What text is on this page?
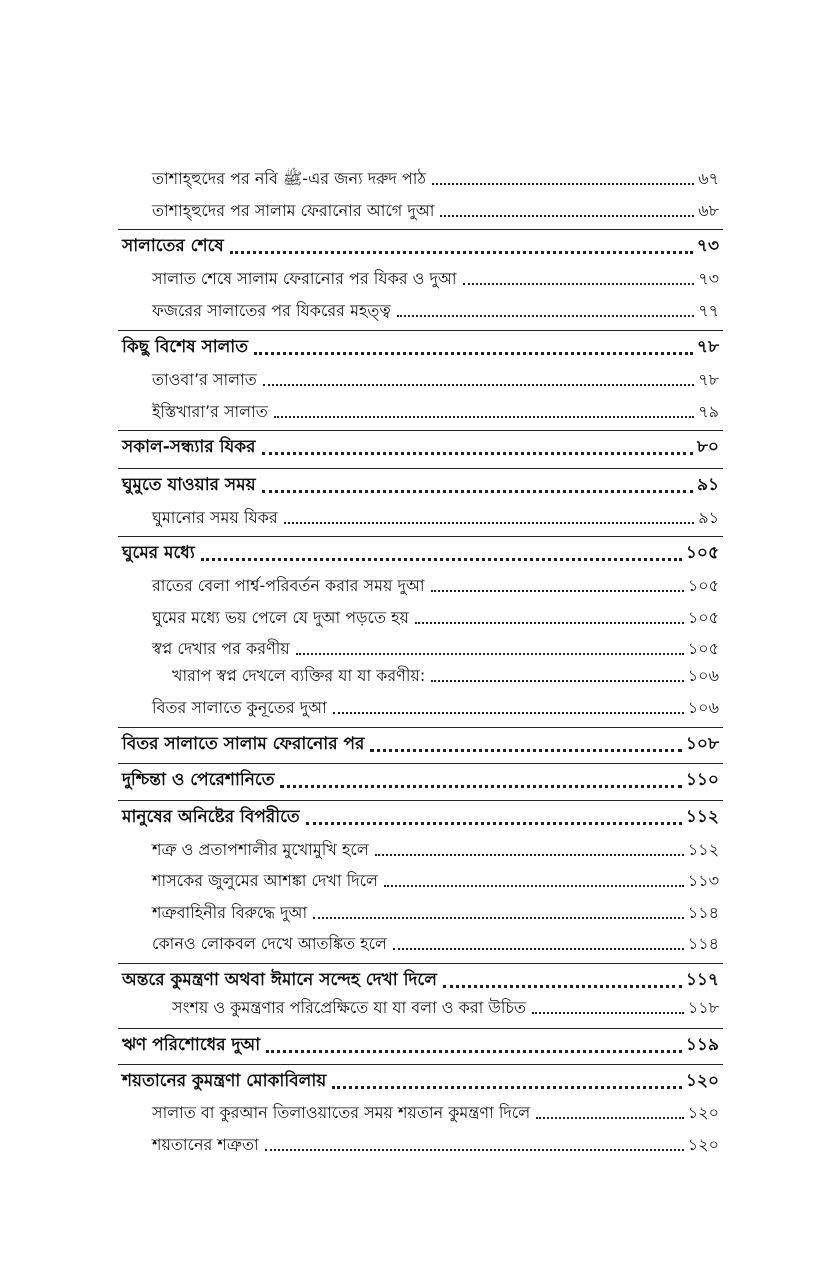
তাশাহ্হুদের পর নবি ﷺ-এর জন্য দরুদ পাঠ	৬৭
তাশাহ্হুদের পর সালাম ফেরানোর আগে দুআ	৬৮
সালাতের শেষে	৭৩
সালাত শেষে সালাম ফেরানোর পর যিকর ও দুআ	৭৩
ফজরের সালাতের পর যিকরের মহত্ত্ব	৭৭
কিছু বিশেষ সালাত	৭৮
তাওবা’র সালাত	৭৮
ইস্তিখারা’র সালাত	৭৯
সকাল-সন্ধ্যার যিকর	৮০
ঘুমুতে যাওয়ার সময়	৯১
ঘুমানোর সময় যিকর	৯১
ঘুমের মধ্যে	১০৫
রাতের বেলা পার্শ্ব-পরিবর্তন করার সময় দুআ	১০৫
ঘুমের মধ্যে ভয় পেলে যে দুআ পড়তে হয়	১০৫
স্বপ্ন দেখার পর করণীয়	১০৫
খারাপ স্বপ্ন দেখলে ব্যক্তির যা যা করণীয়:	১০৬
বিতর সালাতে কুনূতের দুআ	১০৬
বিতর সালাতে সালাম ফেরানোর পর	১০৮
দুশ্চিন্তা ও পেরেশানিতে	১১০
মানুষের অনিষ্টের বিপরীতে	১১২
শত্রু ও প্রতাপশালীর মুখোমুখি হলে	১১২
শাসকের জুলুমের আশঙ্কা দেখা দিলে	১১৩
শত্রুবাহিনীর বিরুদ্ধে দুআ	১১৪
কোনও লোকবল দেখে আতঙ্কিত হলে	১১৪
অন্তরে কুমন্ত্রণা অথবা ঈমানে সন্দেহ দেখা দিলে	১১৭
সংশয় ও কুমন্ত্রণার পরিপ্রেক্ষিতে যা যা বলা ও করা উচিত	১১৮
ঋণ পরিশোধের দুআ	১১৯
শয়তানের কুমন্ত্রণা মোকাবিলায়	১২০
সালাত বা কুরআন তিলাওয়াতের সময় শয়তান কুমন্ত্রণা দিলে	১২০
শয়তানের শত্রুতা	১২০
